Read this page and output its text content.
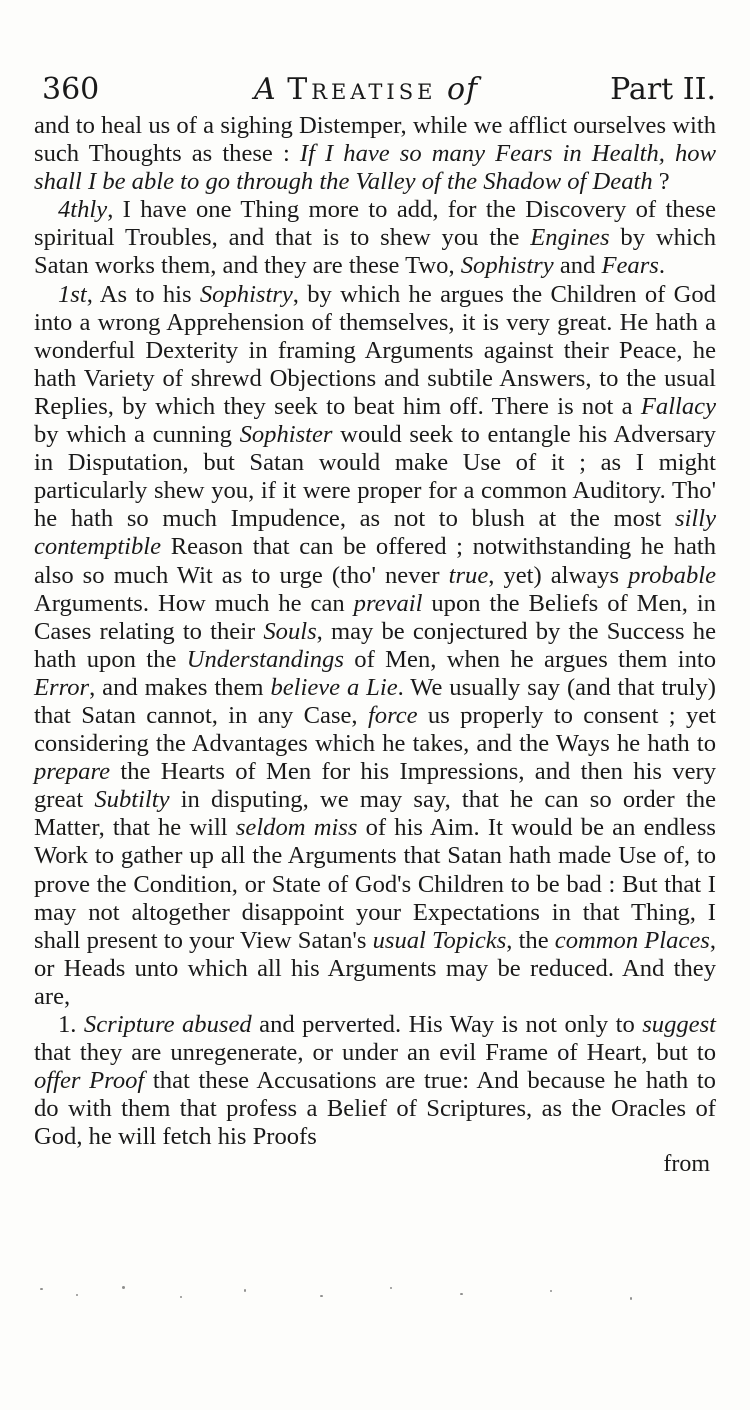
360	A Treatise of	Part II.

and to heal us of a sighing Distemper, while we afflict ourselves with such Thoughts as these : If I have so many Fears in Health, how shall I be able to go through the Valley of the Shadow of Death ?

4thly, I have one Thing more to add, for the Discovery of these spiritual Troubles, and that is to shew you the Engines by which Satan works them, and they are these Two, Sophistry and Fears.

1st, As to his Sophistry, by which he argues the Children of God into a wrong Apprehension of themselves, it is very great. He hath a wonderful Dexterity in framing Arguments against their Peace, he hath Variety of shrewd Objections and subtile Answers, to the usual Replies, by which they seek to beat him off. There is not a Fallacy by which a cunning Sophister would seek to entangle his Adversary in Disputation, but Satan would make Use of it ; as I might particularly shew you, if it were proper for a common Auditory. Tho' he hath so much Impudence, as not to blush at the most silly contemptible Reason that can be offered ; notwithstanding he hath also so much Wit as to urge (tho' never true, yet) always probable Arguments. How much he can prevail upon the Beliefs of Men, in Cases relating to their Souls, may be conjectured by the Success he hath upon the Understandings of Men, when he argues them into Error, and makes them believe a Lie. We usually say (and that truly) that Satan cannot, in any Case, force us properly to consent ; yet considering the Advantages which he takes, and the Ways he hath to prepare the Hearts of Men for his Impressions, and then his very great Subtilty in disputing, we may say, that he can so order the Matter, that he will seldom miss of his Aim. It would be an endless Work to gather up all the Arguments that Satan hath made Use of, to prove the Condition, or State of God's Children to be bad : But that I may not altogether disappoint your Expectations in that Thing, I shall present to your View Satan's usual Topicks, the common Places, or Heads unto which all his Arguments may be reduced. And they are,

1. Scripture abused and perverted. His Way is not only to suggest that they are unregenerate, or under an evil Frame of Heart, but to offer Proof that these Accusations are true: And because he hath to do with them that profess a Belief of Scriptures, as the Oracles of God, he will fetch his Proofs

from
